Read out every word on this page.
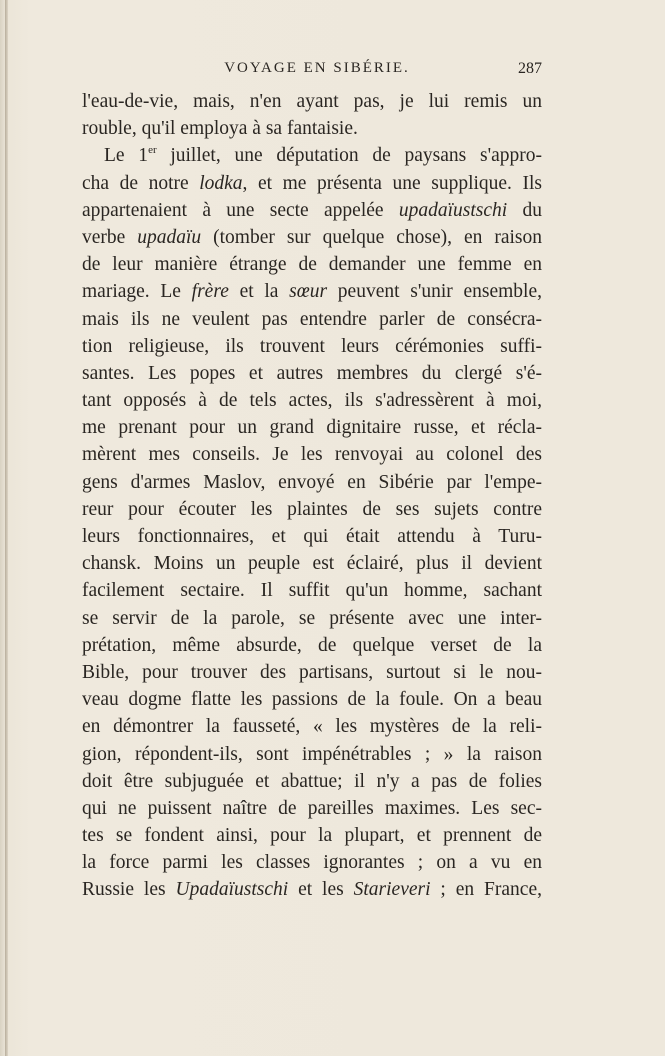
VOYAGE EN SIBÉRIE.	287
l'eau-de-vie, mais, n'en ayant pas, je lui remis un
rouble, qu'il employa à sa fantaisie.
Le 1er juillet, une députation de paysans s'appro-
cha de notre lodka, et me présenta une supplique. Ils
appartenaient à une secte appelée upadaïustschi du
verbe upadaïu (tomber sur quelque chose), en raison
de leur manière étrange de demander une femme en
mariage. Le frère et la sœur peuvent s'unir ensemble,
mais ils ne veulent pas entendre parler de consécra-
tion religieuse, ils trouvent leurs cérémonies suffi-
santes. Les popes et autres membres du clergé s'é-
tant opposés à de tels actes, ils s'adressèrent à moi,
me prenant pour un grand dignitaire russe, et récla-
mèrent mes conseils. Je les renvoyai au colonel des
gens d'armes Maslov, envoyé en Sibérie par l'empe-
reur pour écouter les plaintes de ses sujets contre
leurs fonctionnaires, et qui était attendu à Turu-
chansk. Moins un peuple est éclairé, plus il devient
facilement sectaire. Il suffit qu'un homme, sachant
se servir de la parole, se présente avec une inter-
prétation, même absurde, de quelque verset de la
Bible, pour trouver des partisans, surtout si le nou-
veau dogme flatte les passions de la foule. On a beau
en démontrer la fausseté, « les mystères de la reli-
gion, répondent-ils, sont impénétrables ; » la raison
doit être subjuguée et abattue; il n'y a pas de folies
qui ne puissent naître de pareilles maximes. Les sec-
tes se fondent ainsi, pour la plupart, et prennent de
la force parmi les classes ignorantes ; on a vu en
Russie les Upadaïustschi et les Starieveri ; en France,
